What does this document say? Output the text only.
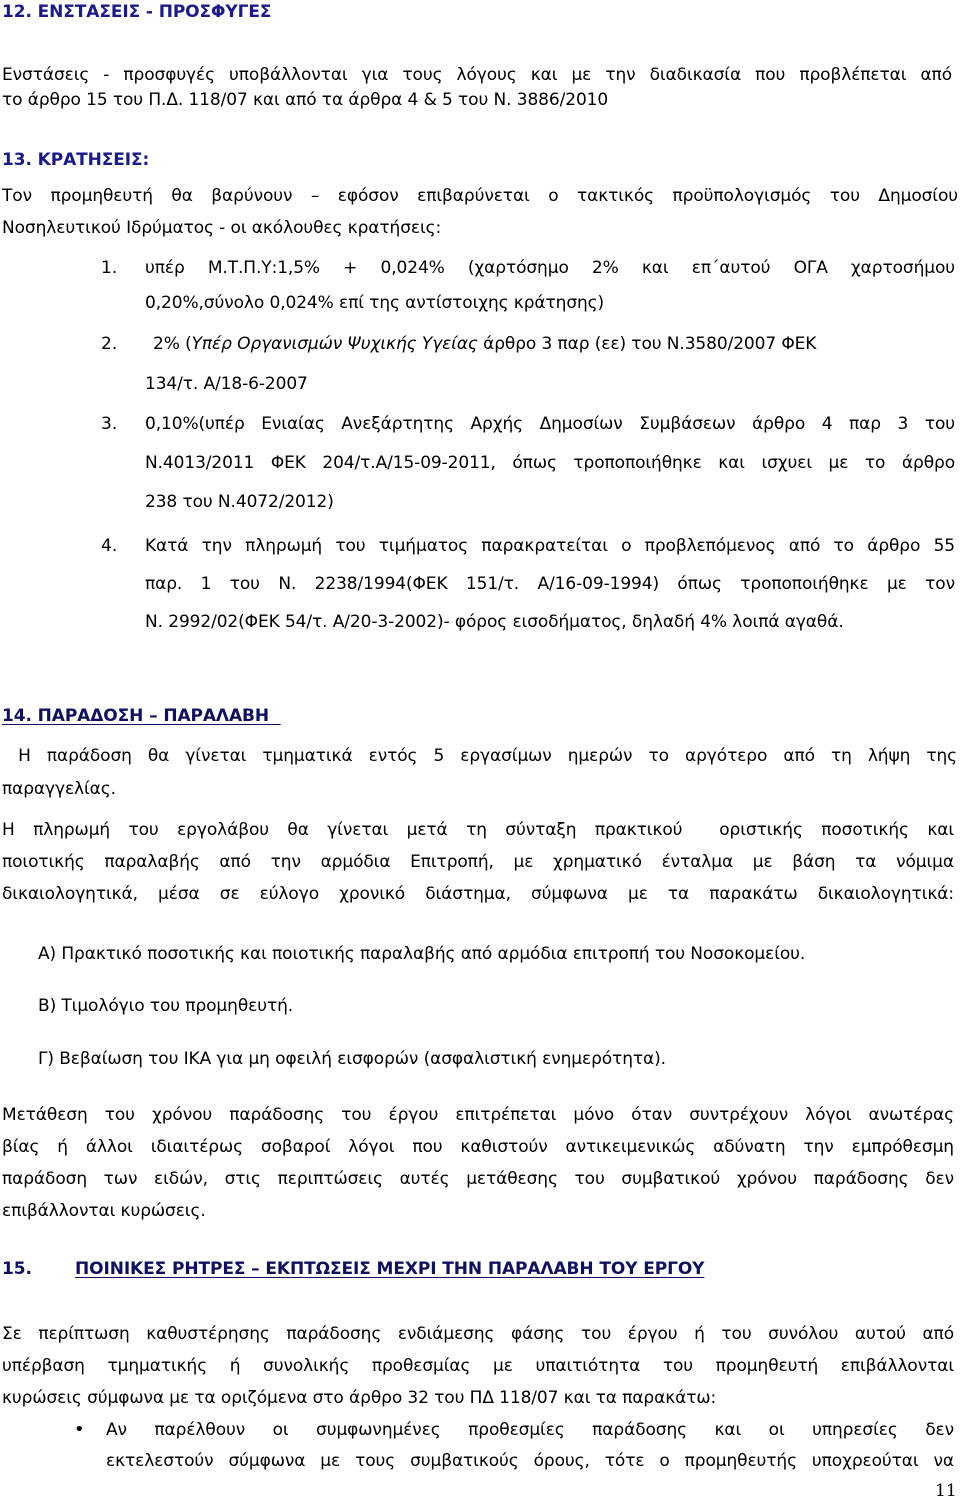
12. ΕΝΣΤΑΣΕΙΣ - ΠΡΟΣΦΥΓΕΣ
Ενστάσεις - προσφυγές υποβάλλονται για τους λόγους και με την διαδικασία που προβλέπεται από
το άρθρο 15 του Π.Δ. 118/07 και από τα άρθρα 4 & 5 του Ν. 3886/2010
13. ΚΡΑΤΗΣΕΙΣ:
Τον προμηθευτή θα βαρύνουν – εφόσον επιβαρύνεται ο τακτικός προϋπολογισμός του Δημοσίου
Νοσηλευτικού Ιδρύματος - οι ακόλουθες κρατήσεις:
1. υπέρ Μ.Τ.Π.Υ:1,5% + 0,024% (χαρτόσημο 2% και επ΄αυτού ΟΓΑ χαρτοσήμου
0,20%,σύνολο 0,024% επί της αντίστοιχης κράτησης)
2. 2% (Υπέρ Οργανισμών Ψυχικής Υγείας άρθρο 3 παρ (εε) του Ν.3580/2007 ΦΕΚ
134/τ. Α/18-6-2007
3. 0,10%(υπέρ Ενιαίας Ανεξάρτητης Αρχής Δημοσίων Συμβάσεων άρθρο 4 παρ 3 του
Ν.4013/2011 ΦΕΚ 204/τ.Α/15-09-2011, όπως τροποποιήθηκε και ισχυει με το άρθρο
238 του Ν.4072/2012)
4. Κατά την πληρωμή του τιμήματος παρακρατείται ο προβλεπόμενος από το άρθρο 55
παρ. 1 του Ν. 2238/1994(ΦΕΚ 151/τ. Α/16-09-1994) όπως τροποποιήθηκε με τον
Ν. 2992/02(ΦΕΚ 54/τ. Α/20-3-2002)- φόρος εισοδήματος, δηλαδή 4% λοιπά αγαθά.
14. ΠΑΡΑΔΟΣΗ – ΠΑΡΑΛΑΒΗ
Η παράδοση θα γίνεται τμηματικά εντός 5 εργασίμων ημερών το αργότερο από τη λήψη της
παραγγελίας.
Η πληρωμή του εργολάβου θα γίνεται μετά τη σύνταξη πρακτικού  οριστικής ποσοτικής και
ποιοτικής παραλαβής από την αρμόδια Επιτροπή, με χρηματικό ένταλμα με βάση τα νόμιμα
δικαιολογητικά, μέσα σε εύλογο χρονικό διάστημα, σύμφωνα με τα παρακάτω δικαιολογητικά:
Α) Πρακτικό ποσοτικής και ποιοτικής παραλαβής από αρμόδια επιτροπή του Νοσοκομείου.
Β) Τιμολόγιο του προμηθευτή.
Γ) Βεβαίωση του ΙΚΑ για μη οφειλή εισφορών (ασφαλιστική ενημερότητα).
Μετάθεση του χρόνου παράδοσης του έργου επιτρέπεται μόνο όταν συντρέχουν λόγοι ανωτέρας
βίας ή άλλοι ιδιαιτέρως σοβαροί λόγοι που καθιστούν αντικειμενικώς αδύνατη την εμπρόθεσμη
παράδοση των ειδών, στις περιπτώσεις αυτές μετάθεσης του συμβατικού χρόνου παράδοσης δεν
επιβάλλονται κυρώσεις.
15.	ΠΟΙΝΙΚΕΣ ΡΗΤΡΕΣ – ΕΚΠΤΩΣΕΙΣ ΜΕΧΡΙ ΤΗΝ ΠΑΡΑΛΑΒΗ ΤΟΥ ΕΡΓΟΥ
Σε περίπτωση καθυστέρησης παράδοσης ενδιάμεσης φάσης του έργου ή του συνόλου αυτού από
υπέρβαση τμηματικής ή συνολικής προθεσμίας με υπαιτιότητα του προμηθευτή επιβάλλονται
κυρώσεις σύμφωνα με τα οριζόμενα στο άρθρο 32 του ΠΔ 118/07 και τα παρακάτω:
• Αν παρέλθουν οι συμφωνημένες προθεσμίες παράδοσης και οι υπηρεσίες δεν
εκτελεστούν σύμφωνα με τους συμβατικούς όρους, τότε ο προμηθευτής υποχρεούται να
11
